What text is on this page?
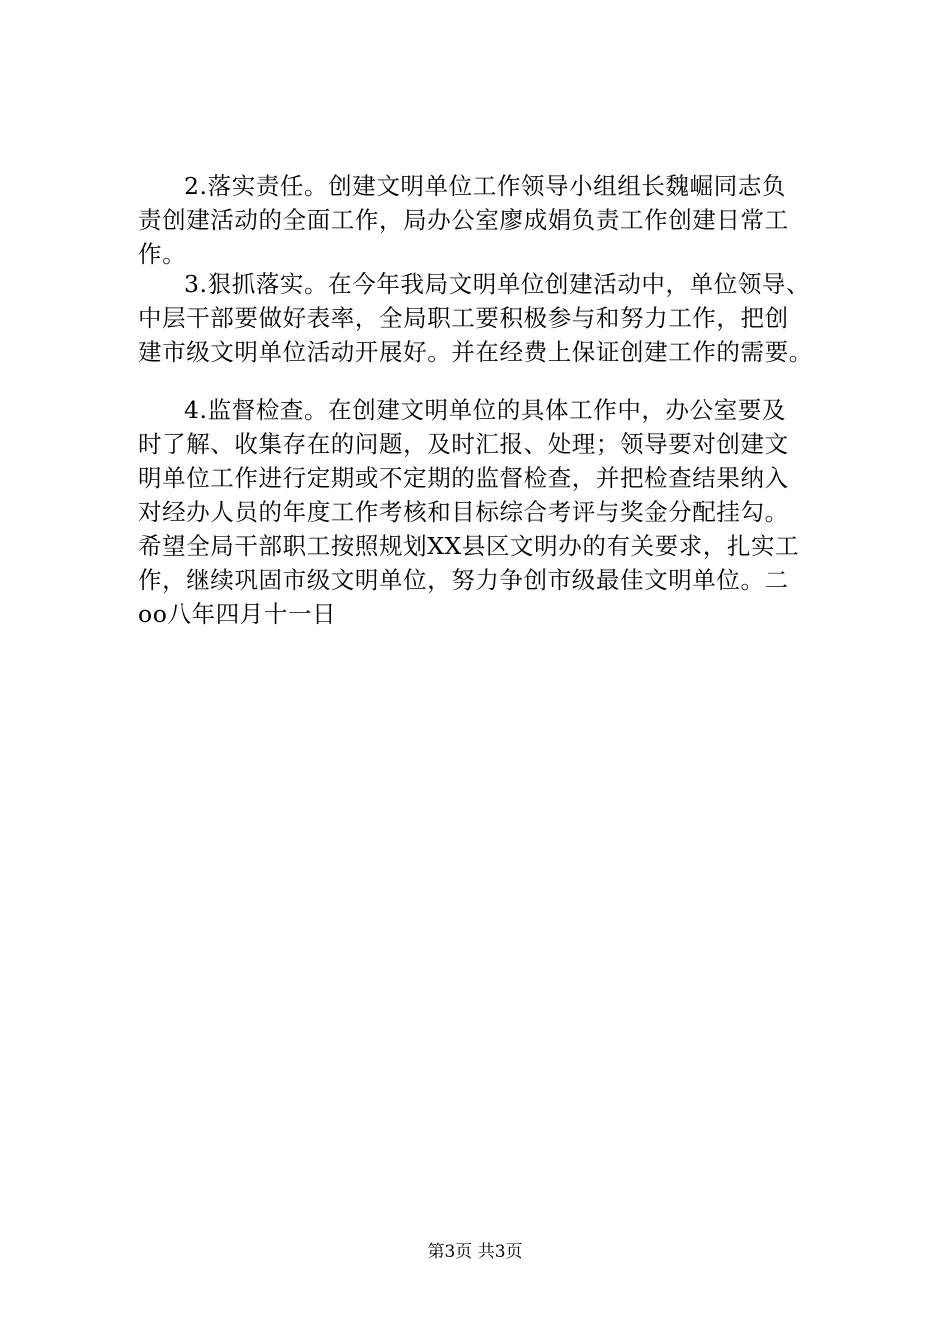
2.落实责任。创建文明单位工作领导小组组长魏崛同志负
责创建活动的全面工作，局办公室廖成娟负责工作创建日常工
作。
3.狠抓落实。在今年我局文明单位创建活动中，单位领导、
中层干部要做好表率，全局职工要积极参与和努力工作，把创
建市级文明单位活动开展好。并在经费上保证创建工作的需要。
4.监督检查。在创建文明单位的具体工作中，办公室要及
时了解、收集存在的问题，及时汇报、处理；领导要对创建文
明单位工作进行定期或不定期的监督检查，并把检查结果纳入
对经办人员的年度工作考核和目标综合考评与奖金分配挂勾。
希望全局干部职工按照规划XX县区文明办的有关要求，扎实工
作，继续巩固市级文明单位，努力争创市级最佳文明单位。二
oo八年四月十一日
第3页 共3页
